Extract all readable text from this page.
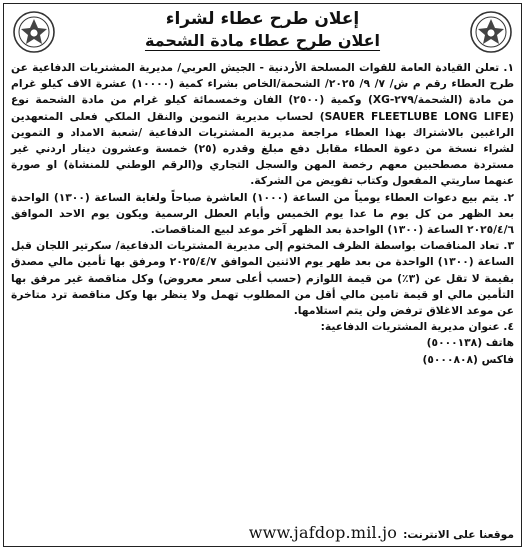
إعلان طرح عطاء لشراء

اعلان طرح عطاء مادة الشحمة

١. تعلن القيادة العامة للقوات المسلحة الأردنية - الجيش العربي/ مديرية المشتريات الدفاعية عن طرح العطاء رقم م ش/ ٧/ ٩/ ٢٠٢٥/ الشحمة/الخاص بشراء كمية (١٠٠٠٠) عشرة الاف كيلو غرام من مادة (الشحمة/٢٧٩-XG) وكمية (٢٥٠٠) الفان وخمسمائة كيلو غرام من مادة الشحمة نوع (SAUER FLEETLUBE LONG LIFE) لحساب مديرية التموين والنقل الملكي فعلى المتعهدين الراغبين بالاشتراك بهذا العطاء مراجعة مديرية المشتريات الدفاعية /شعبة الامداد و التموين لشراء نسخة من دعوة العطاء مقابل دفع مبلغ وقدره (٢٥) خمسة وعشرون دينار اردني غير مستردة مصطحبين معهم رخصة المهن والسجل التجاري و(الرقم الوطني للمنشاة) او صورة عنهما ساريتي المفعول وكتاب تفويض من الشركة.

٢. يتم بيع دعوات العطاء يومياً من الساعة (١٠٠٠) العاشرة صباحاً ولغاية الساعة (١٣٠٠) الواحدة بعد الظهر من كل يوم ما عدا يوم الخميس وأيام العطل الرسمية ويكون يوم الاحد الموافق ٢٠٢٥/٤/٦ الساعة (١٣٠٠) الواحدة بعد الظهر آخر موعد لبيع المناقصات.

٣. تعاد المناقصات بواسطة الظرف المختوم إلى مديرية المشتريات الدفاعية/ سكرتير اللجان قبل الساعة (١٣٠٠) الواحدة من بعد ظهر يوم الاثنين الموافق ٢٠٢٥/٤/٧ ومرفق بها تأمين مالي مصدق بقيمة لا تقل عن (٣٪) من قيمة اللوازم (حسب أعلى سعر معروض) وكل مناقصة غير مرفق بها التأمين مالي او قيمة تامين مالي أقل من المطلوب تهمل ولا ينظر بها وكل مناقصة ترد متاخرة عن موعد الاغلاق ترفض ولن يتم استلامها.

٤. عنوان مديرية المشتريات الدفاعية:

هاتف (٥٠٠٠١٣٨)
فاكس (٥٠٠٠٨٠٨)
موقعنا على الانترنت:
www.jafdop.mil.jo
